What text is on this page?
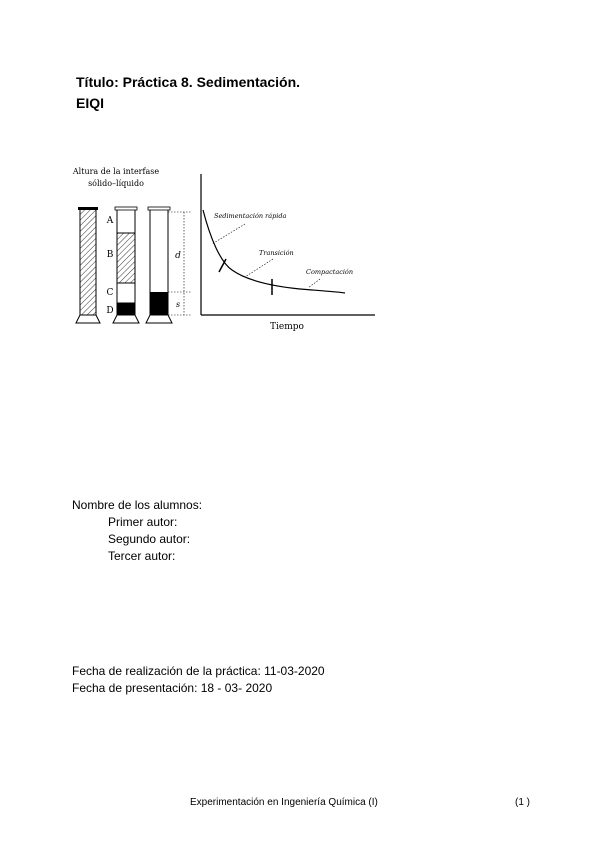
Título: Práctica 8. Sedimentación.
EIQI
Altura de la interfase
sólido–líquido
A
B
C
D
d
s
Sedimentación rápida
Transición
Compactación
Tiempo
Nombre de los alumnos:
Primer autor:
Segundo autor:
Tercer autor:
Fecha de realización de la práctica: 11-03-2020
Fecha de presentación: 18 - 03- 2020
Experimentación en Ingeniería Química (I)	(1 )
